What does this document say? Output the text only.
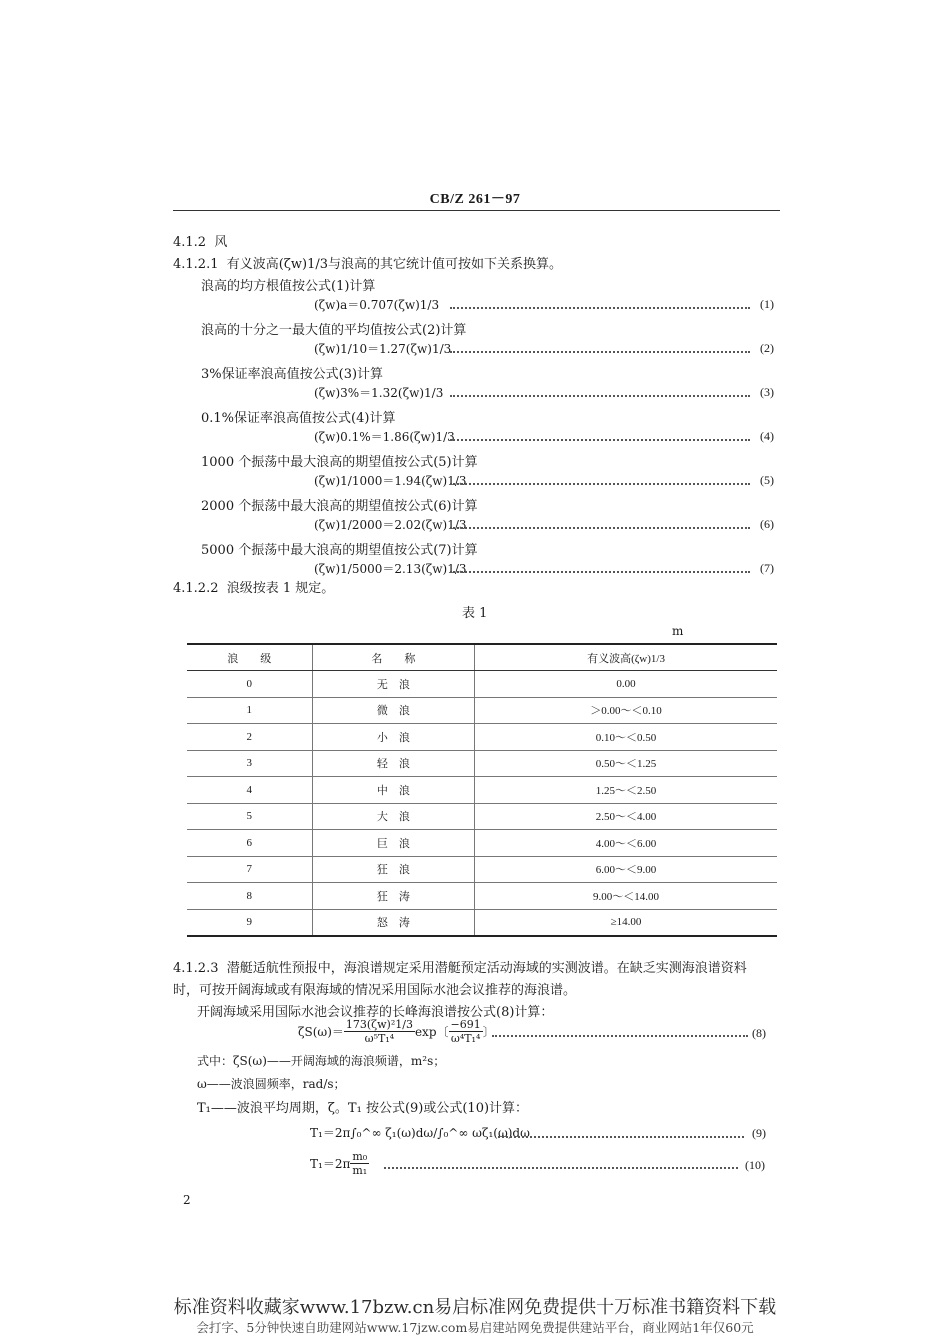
CB/Z 261－97
4.1.2 风
4.1.2.1 有义波高(ζw)1/3与浪高的其它统计值可按如下关系换算。
浪高的均方根值按公式(1)计算
(ζw)a＝0.707(ζw)1/3	(1)
浪高的十分之一最大值的平均值按公式(2)计算
(ζw)1/10＝1.27(ζw)1/3	(2)
3%保证率浪高值按公式(3)计算
(ζw)3%＝1.32(ζw)1/3	(3)
0.1%保证率浪高值按公式(4)计算
(ζw)0.1%＝1.86(ζw)1/3	(4)
1000 个振荡中最大浪高的期望值按公式(5)计算
(ζw)1/1000＝1.94(ζw)1/3	(5)
2000 个振荡中最大浪高的期望值按公式(6)计算
(ζw)1/2000＝2.02(ζw)1/3	(6)
5000 个振荡中最大浪高的期望值按公式(7)计算
(ζw)1/5000＝2.13(ζw)1/3	(7)
4.1.2.2 浪级按表 1 规定。
表 1
m
浪　　级	名　　称	有义波高(ζw)1/3
0	无　浪	0.00
1	微　浪	＞0.00～＜0.10
2	小　浪	0.10～＜0.50
3	轻　浪	0.50～＜1.25
4	中　浪	1.25～＜2.50
5	大　浪	2.50～＜4.00
6	巨　浪	4.00～＜6.00
7	狂　浪	6.00～＜9.00
8	狂　涛	9.00～＜14.00
9	怒　涛	≥14.00
4.1.2.3 潜艇适航性预报中，海浪谱规定采用潜艇预定活动海域的实测波谱。在缺乏实测海浪谱资料
时，可按开阔海域或有限海域的情况采用国际水池会议推荐的海浪谱。
开阔海域采用国际水池会议推荐的长峰海浪谱按公式(8)计算：
$\zeta S(\omega)= \frac{\text{173(ζw)²1/3}}{\text{ω⁵T₁⁴}}$ exp〔 $\frac{-691}{\text{ω⁴T₁⁴}}$ 〕	(8)
式中：ζS(ω)——开阔海域的海浪频谱，m²s；
ω——波浪圆频率，rad/s；
T₁——波浪平均周期，ζ。T₁ 按公式(9)或公式(10)计算：
T₁＝2π∫₀^∞ ζ₁(ω)dω/∫₀^∞ ωζ₁(ω)dω	(9)
$T_1=2\pi \frac{\text{m₀}}{\text{m₁}}$	(10)
2
标准资料收藏家www.17bzw.cn易启标准网免费提供十万标准书籍资料下载
会打字、5分钟快速自助建网站www.17jzw.com易启建站网免费提供建站平台，商业网站1年仅60元
